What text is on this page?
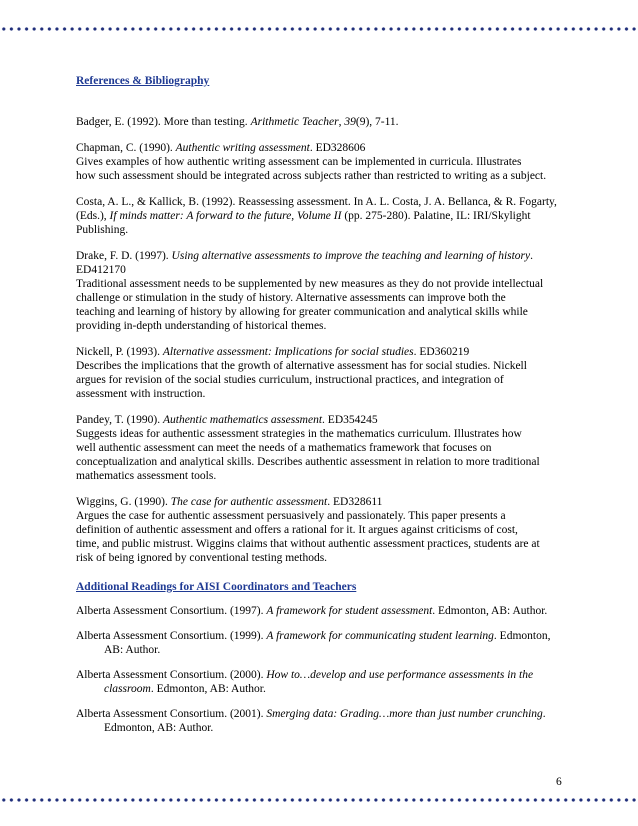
References & Bibliography

Badger, E. (1992). More than testing. Arithmetic Teacher, 39(9), 7-11.

Chapman, C. (1990). Authentic writing assessment. ED328606

Gives examples of how authentic writing assessment can be implemented in curricula. Illustrates

how such assessment should be integrated across subjects rather than restricted to writing as a subject.

Costa, A. L., & Kallick, B. (1992). Reassessing assessment. In A. L. Costa, J. A. Bellanca, & R. Fogarty,

(Eds.), If minds matter: A forward to the future, Volume II (pp. 275-280). Palatine, IL: IRI/Skylight

Publishing.

Drake, F. D. (1997). Using alternative assessments to improve the teaching and learning of history.

ED412170

Traditional assessment needs to be supplemented by new measures as they do not provide intellectual

challenge or stimulation in the study of history. Alternative assessments can improve both the

teaching and learning of history by allowing for greater communication and analytical skills while

providing in-depth understanding of historical themes.

Nickell, P. (1993). Alternative assessment: Implications for social studies. ED360219

Describes the implications that the growth of alternative assessment has for social studies. Nickell

argues for revision of the social studies curriculum, instructional practices, and integration of

assessment with instruction.

Pandey, T. (1990). Authentic mathematics assessment. ED354245

Suggests ideas for authentic assessment strategies in the mathematics curriculum. Illustrates how

well authentic assessment can meet the needs of a mathematics framework that focuses on

conceptualization and analytical skills. Describes authentic assessment in relation to more traditional

mathematics assessment tools.

Wiggins, G. (1990). The case for authentic assessment. ED328611

Argues the case for authentic assessment persuasively and passionately. This paper presents a

definition of authentic assessment and offers a rational for it. It argues against criticisms of cost,

time, and public mistrust. Wiggins claims that without authentic assessment practices, students are at

risk of being ignored by conventional testing methods.

Additional Readings for AISI Coordinators and Teachers

Alberta Assessment Consortium. (1997). A framework for student assessment. Edmonton, AB: Author.

Alberta Assessment Consortium. (1999). A framework for communicating student learning. Edmonton, AB: Author.

Alberta Assessment Consortium. (2000). How to…develop and use performance assessments in the classroom. Edmonton, AB: Author.

Alberta Assessment Consortium. (2001). Smerging data: Grading…more than just number crunching. Edmonton, AB: Author.

6
